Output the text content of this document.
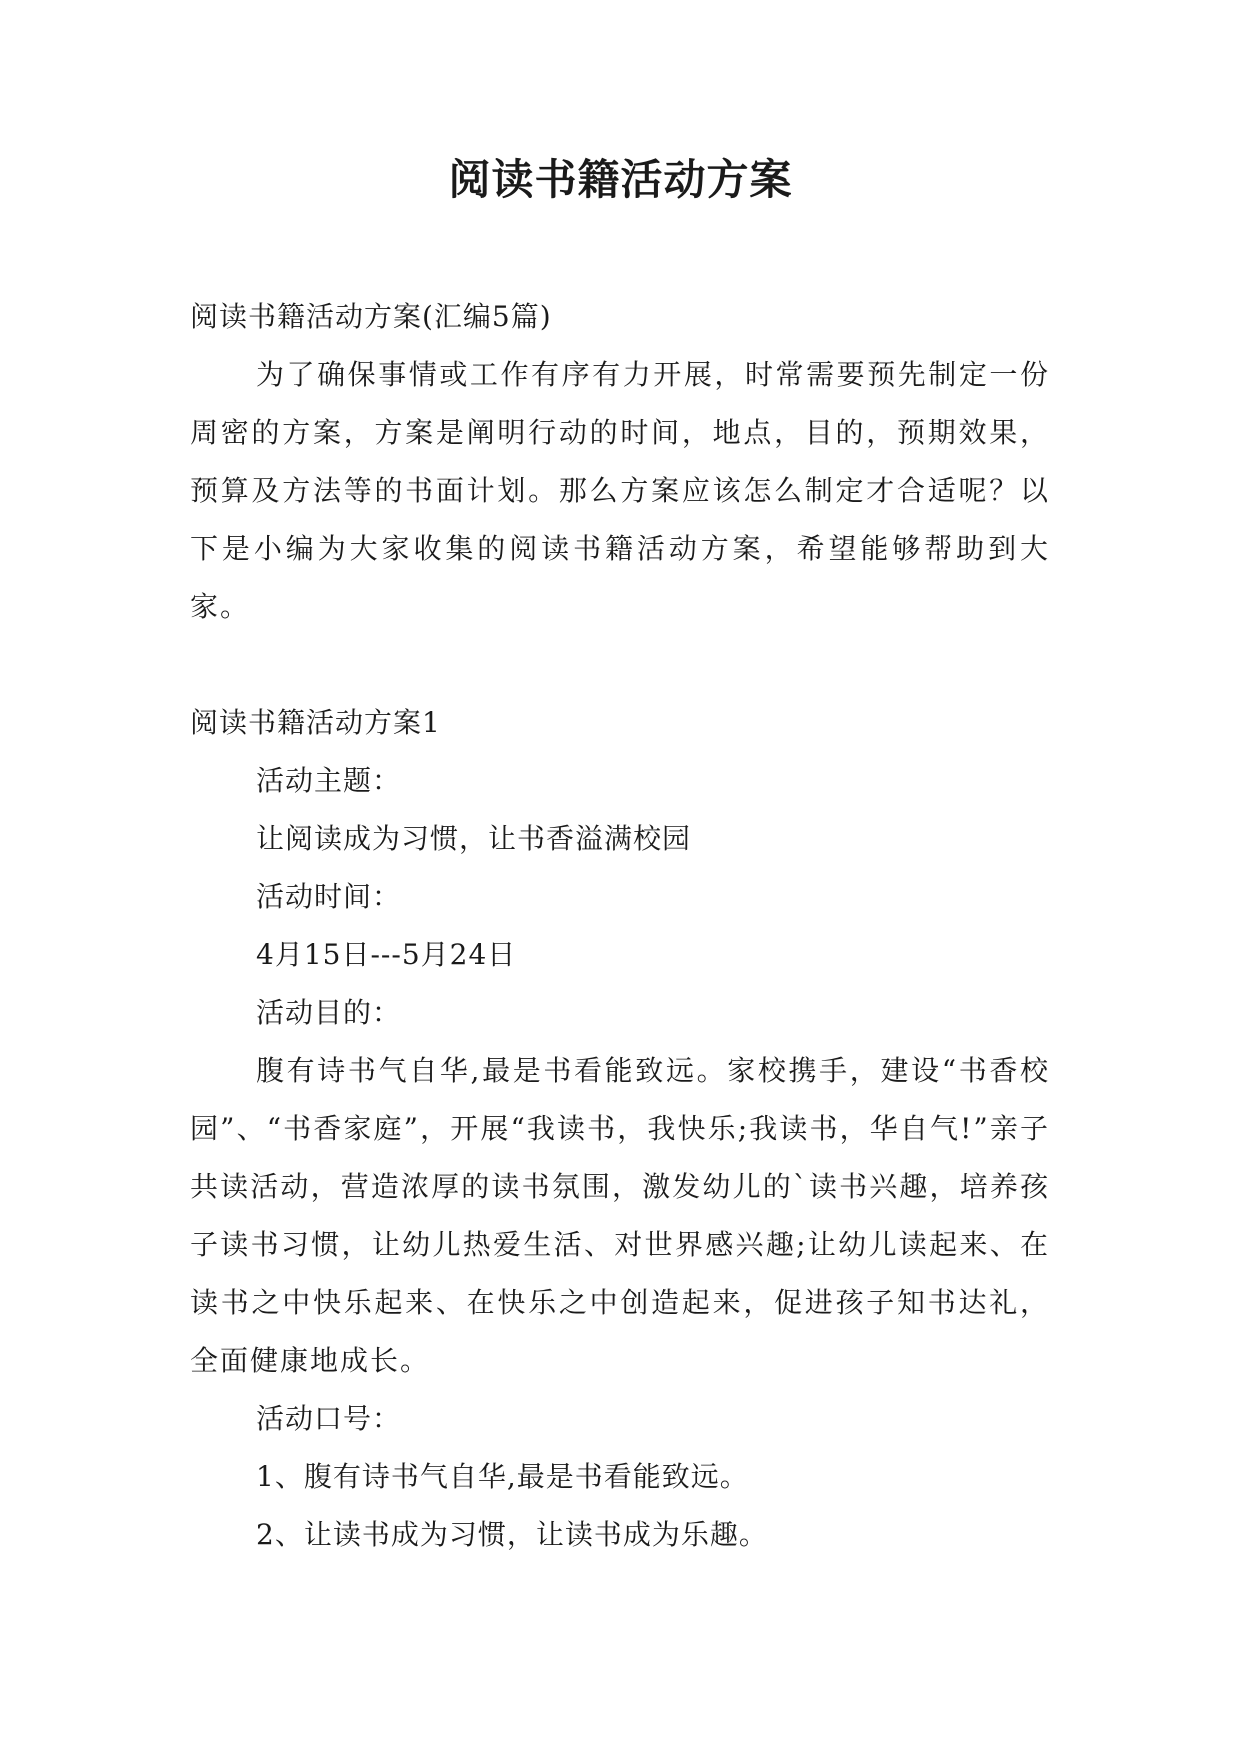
阅读书籍活动方案

阅读书籍活动方案(汇编5篇)

为了确保事情或工作有序有力开展，时常需要预先制定一份周密的方案，方案是阐明行动的时间，地点，目的，预期效果，预算及方法等的书面计划。那么方案应该怎么制定才合适呢？以下是小编为大家收集的阅读书籍活动方案，希望能够帮助到大家。

阅读书籍活动方案1

活动主题：

让阅读成为习惯，让书香溢满校园

活动时间：

4月15日---5月24日

活动目的：

腹有诗书气自华,最是书看能致远。家校携手，建设“书香校园”、“书香家庭”，开展“我读书，我快乐;我读书，华自气!”亲子共读活动，营造浓厚的读书氛围，激发幼儿的`读书兴趣，培养孩子读书习惯，让幼儿热爱生活、对世界感兴趣;让幼儿读起来、在读书之中快乐起来、在快乐之中创造起来，促进孩子知书达礼，全面健康地成长。

活动口号：

1、腹有诗书气自华,最是书看能致远。

2、让读书成为习惯，让读书成为乐趣。
